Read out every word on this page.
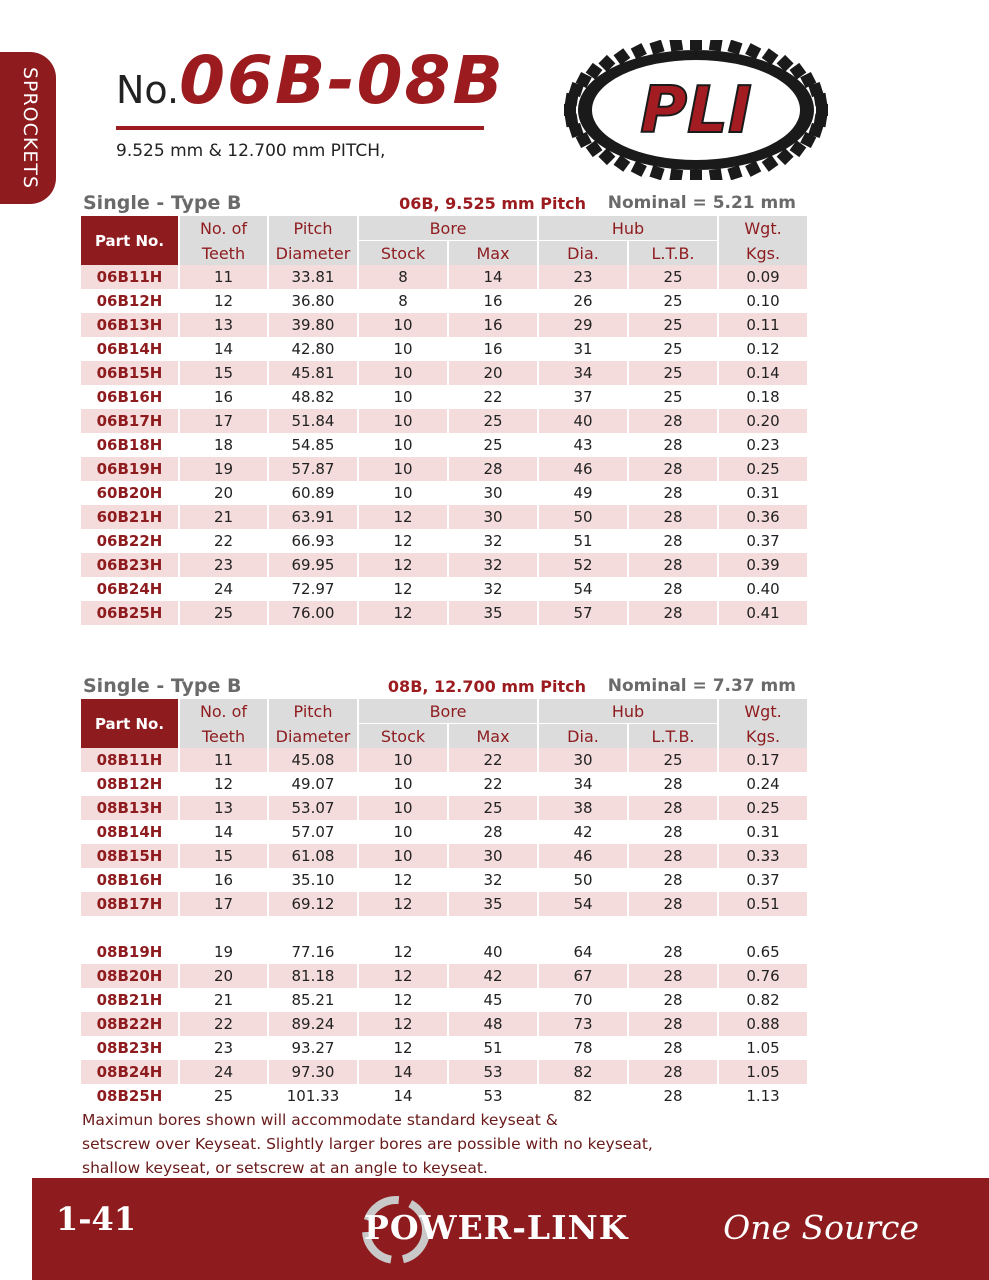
SPROCKETS No.06B-08B
9.525 mm & 12.700 mm PITCH,
PLI
Single - Type B	06B, 9.525 mm Pitch Nominal = 5.21 mm
Part No.	No. of	Pitch	Bore		Hub		Wgt.
	Teeth	Diameter	Stock	Max	Dia.	L.T.B.	Kgs.
06B11H	11	33.81	8	14	23	25	0.09
06B12H	12	36.80	8	16	26	25	0.10
06B13H	13	39.80	10	16	29	25	0.11
06B14H	14	42.80	10	16	31	25	0.12
06B15H	15	45.81	10	20	34	25	0.14
06B16H	16	48.82	10	22	37	25	0.18
06B17H	17	51.84	10	25	40	28	0.20
06B18H	18	54.85	10	25	43	28	0.23
06B19H	19	57.87	10	28	46	28	0.25
60B20H	20	60.89	10	30	49	28	0.31
60B21H	21	63.91	12	30	50	28	0.36
06B22H	22	66.93	12	32	51	28	0.37
06B23H	23	69.95	12	32	52	28	0.39
06B24H	24	72.97	12	32	54	28	0.40
06B25H	25	76.00	12	35	57	28	0.41
Single - Type B	08B, 12.700 mm Pitch Nominal = 7.37 mm
Part No.	No. of	Pitch	Bore		Hub		Wgt.
	Teeth	Diameter	Stock	Max	Dia.	L.T.B.	Kgs.
08B11H	11	45.08	10	22	30	25	0.17
08B12H	12	49.07	10	22	34	28	0.24
08B13H	13	53.07	10	25	38	28	0.25
08B14H	14	57.07	10	28	42	28	0.31
08B15H	15	61.08	10	30	46	28	0.33
08B16H	16	35.10	12	32	50	28	0.37
08B17H	17	69.12	12	35	54	28	0.51

08B19H	19	77.16	12	40	64	28	0.65
08B20H	20	81.18	12	42	67	28	0.76
08B21H	21	85.21	12	45	70	28	0.82
08B22H	22	89.24	12	48	73	28	0.88
08B23H	23	93.27	12	51	78	28	1.05
08B24H	24	97.30	14	53	82	28	1.05
08B25H	25	101.33	14	53	82	28	1.13
Maximun bores shown will accommodate standard keyseat &
setscrew over Keyseat. Slightly larger bores are possible with no keyseat,
shallow keyseat, or setscrew at an angle to keyseat.
1-41	POWER-LINK	One Source
